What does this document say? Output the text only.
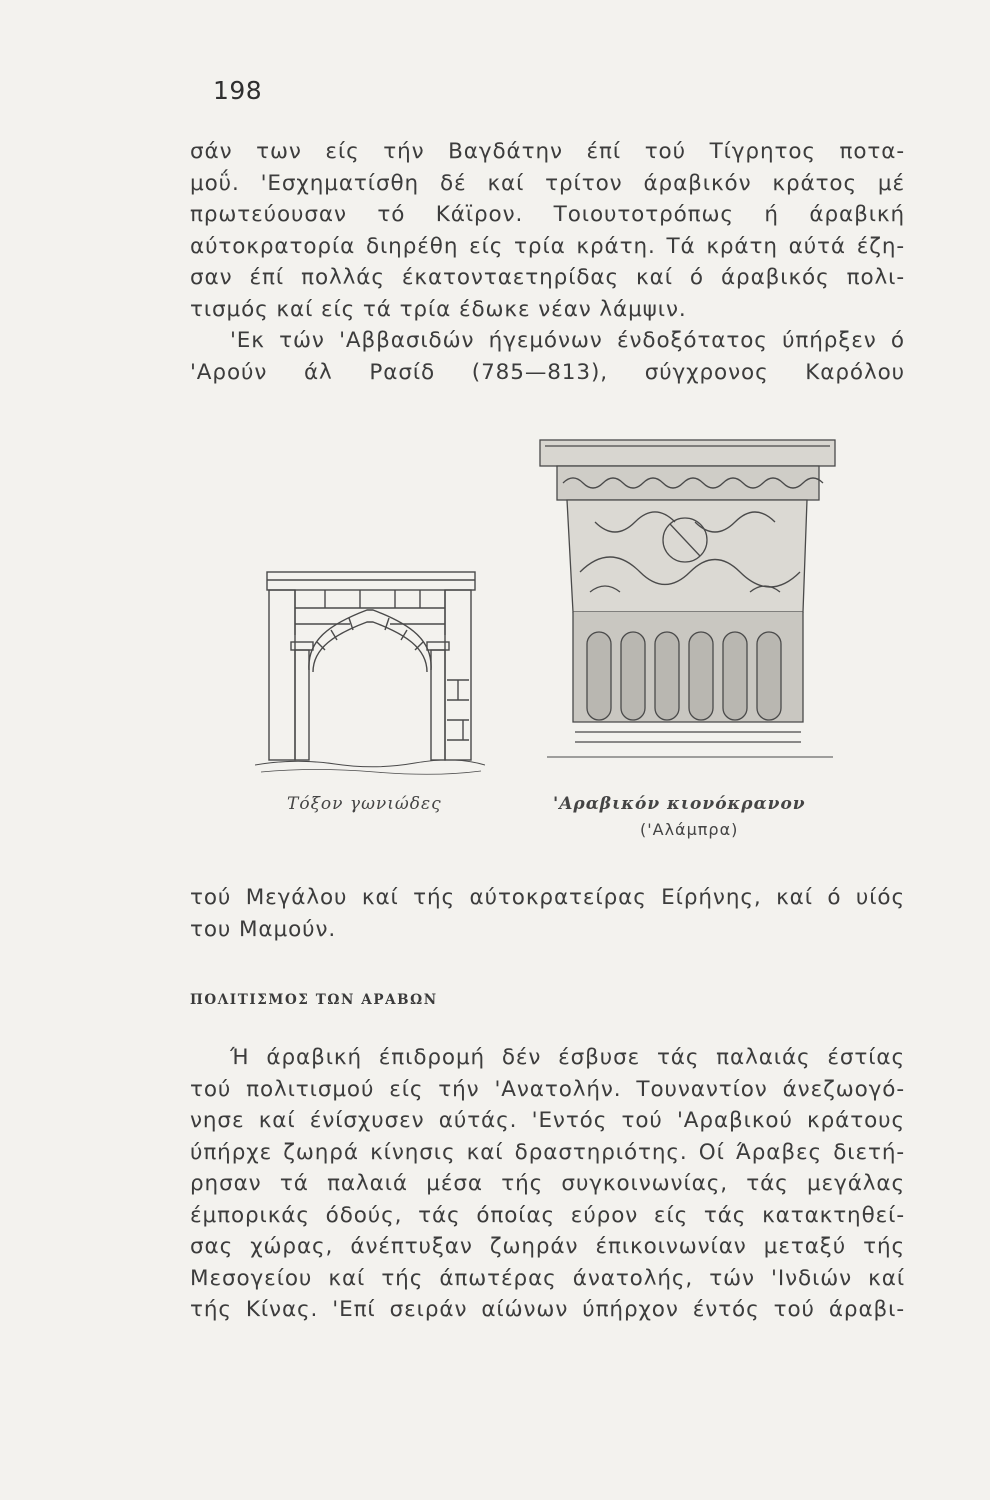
198
σάν των είς τήν Βαγδάτην έπί τού Τίγρητος ποτα-
μοΰ. 'Εσχηματίσθη δέ καί τρίτον άραβικόν κράτος μέ
πρωτεύουσαν τό Κάϊρον. Τοιουτοτρόπως ή άραβική
αύτοκρατορία διηρέθη είς τρία κράτη. Τά κράτη αύτά έζη-
σαν έπί πολλάς έκατονταετηρίδας καί ό άραβικός πολι-
τισμός καί είς τά τρία έδωκε νέαν λάμψιν.
'Εκ τών 'Αββασιδών ήγεμόνων ένδοξότατος ύπήρξεν ό
'Αρούν άλ Ρασίδ (785—813), σύγχρονος Καρόλου
Τόξον γωνιώδες	'Αραβικόν κιονόκρανον
('Αλάμπρα)
τού Μεγάλου καί τής αύτοκρατείρας Είρήνης, καί ό υίός
του Μαμούν.
ΠΟΛΙΤΙΣΜΟΣ ΤΩΝ ΑΡΑΒΩΝ
Ή άραβική έπιδρομή δέν έσβυσε τάς παλαιάς έστίας
τού πολιτισμού είς τήν 'Ανατολήν. Τουναντίον άνεζωογό-
νησε καί ένίσχυσεν αύτάς. 'Εντός τού 'Αραβικού κράτους
ύπήρχε ζωηρά κίνησις καί δραστηριότης. Οί Άραβες διετή-
ρησαν τά παλαιά μέσα τής συγκοινωνίας, τάς μεγάλας
έμπορικάς όδούς, τάς όποίας εύρον είς τάς κατακτηθεί-
σας χώρας, άνέπτυξαν ζωηράν έπικοινωνίαν μεταξύ τής
Μεσογείου καί τής άπωτέρας άνατολής, τών 'Ινδιών καί
τής Κίνας. 'Επί σειράν αίώνων ύπήρχον έντός τού άραβι-
